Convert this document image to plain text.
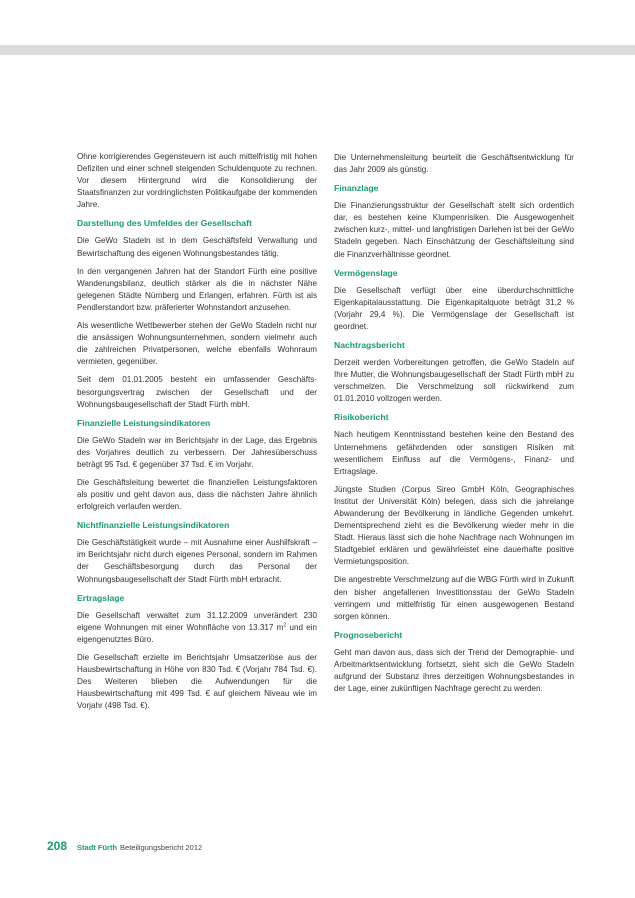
Ohne korrigierendes Gegensteuern ist auch mittelfristig mit hohen Defiziten und einer schnell steigenden Schuldenquote zu rechnen. Vor diesem Hintergrund wird die Konsolidierung der Staatsfinanzen zur vordringlichsten Politikaufgabe der kommenden Jahre.

Darstellung des Umfeldes der Gesellschaft

Die GeWo Stadeln ist in dem Geschäftsfeld Verwaltung und Bewirtschaftung des eigenen Wohnungsbestandes tätig.

In den vergangenen Jahren hat der Standort Fürth eine positive Wanderungsbilanz, deutlich stärker als die in nächster Nähe gelegenen Städte Nürnberg und Erlangen, erfahren. Fürth ist als Pendlerstandort bzw. präferierter Wohnstandort anzusehen.

Als wesentliche Wettbewerber stehen der GeWo Stadeln nicht nur die ansässigen Wohnungsunternehmen, sondern vielmehr auch die zahlreichen Privatpersonen, welche ebenfalls Wohnraum vermieten, gegenüber.

Seit dem 01.01.2005 besteht ein umfassender Geschäftsbesorgungsvertrag zwischen der Gesellschaft und der Wohnungsbaugesellschaft der Stadt Fürth mbH.

Finanzielle Leistungsindikatoren

Die GeWo Stadeln war im Berichtsjahr in der Lage, das Ergebnis des Vorjahres deutlich zu verbessern. Der Jahresüberschuss beträgt 95 Tsd. € gegenüber 37 Tsd. € im Vorjahr.

Die Geschäftsleitung bewertet die finanziellen Leistungsfaktoren als positiv und geht davon aus, dass die nächsten Jahre ähnlich erfolgreich verlaufen werden.

Nichtfinanzielle Leistungsindikatoren

Die Geschäftstätigkeit wurde – mit Ausnahme einer Aushilfskraft – im Berichtsjahr nicht durch eigenes Personal, sondern im Rahmen der Geschäftsbesorgung durch das Personal der Wohnungsbaugesellschaft der Stadt Fürth mbH erbracht.

Ertragslage

Die Gesellschaft verwaltet zum 31.12.2009 unverändert 230 eigene Wohnungen mit einer Wohnfläche von 13.317 $m^2$ und ein eigengenutztes Büro.

Die Gesellschaft erzielte im Berichtsjahr Umsatzerlöse aus der Hausbewirtschaftung in Höhe von 830 Tsd. € (Vorjahr 784 Tsd. €). Des Weiteren blieben die Aufwendungen für die Hausbewirtschaftung mit 499 Tsd. € auf gleichem Niveau wie im Vorjahr (498 Tsd. €).

Die Unternehmensleitung beurteilt die Geschäftsentwicklung für das Jahr 2009 als günstig.

Finanzlage

Die Finanzierungsstruktur der Gesellschaft stellt sich ordentlich dar, es bestehen keine Klumpenrisiken. Die Ausgewogenheit zwischen kurz-, mittel- und langfristigen Darlehen ist bei der GeWo Stadeln gegeben. Nach Einschätzung der Geschäftsleitung sind die Finanzverhältnisse geordnet.

Vermögenslage

Die Gesellschaft verfügt über eine überdurchschnittliche Eigenkapitalausstattung. Die Eigenkapitalquote beträgt 31,2 % (Vorjahr 29,4 %). Die Vermögenslage der Gesellschaft ist geordnet.

Nachtragsbericht

Derzeit werden Vorbereitungen getroffen, die GeWo Stadeln auf Ihre Mutter, die Wohnungsbaugesellschaft der Stadt Fürth mbH zu verschmelzen. Die Verschmelzung soll rückwirkend zum 01.01.2010 vollzogen werden.

Risikobericht

Nach heutigem Kenntnisstand bestehen keine den Bestand des Unternehmens gefährdenden oder sonstigen Risiken mit wesentlichem Einfluss auf die Vermögens-, Finanz- und Ertragslage.

Jüngste Studien (Corpus Sireo GmbH Köln, Geographisches Institut der Universität Köln) belegen, dass sich die jahrelange Abwanderung der Bevölkerung in ländliche Gegenden umkehrt. Dementsprechend zieht es die Bevölkerung wieder mehr in die Stadt. Hieraus lässt sich die hohe Nachfrage nach Wohnungen im Stadtgebiet erklären und gewährleistet eine dauerhafte positive Vermietungsposition.

Die angestrebte Verschmelzung auf die WBG Fürth wird in Zukunft den bisher angefallenen Investitionsstau der GeWo Stadeln verringern und mittelfristig für einen ausgewogenen Bestand sorgen können.

Prognosebericht

Geht man davon aus, dass sich der Trend der Demographie- und Arbeitmarktsentwicklung fortsetzt, sieht sich die GeWo Stadeln aufgrund der Substanz ihres derzeitigen Wohnungsbestandes in der Lage, einer zukünftigen Nachfrage gerecht zu werden.

208 Stadt Fürth Beteiligungsbericht 2012
